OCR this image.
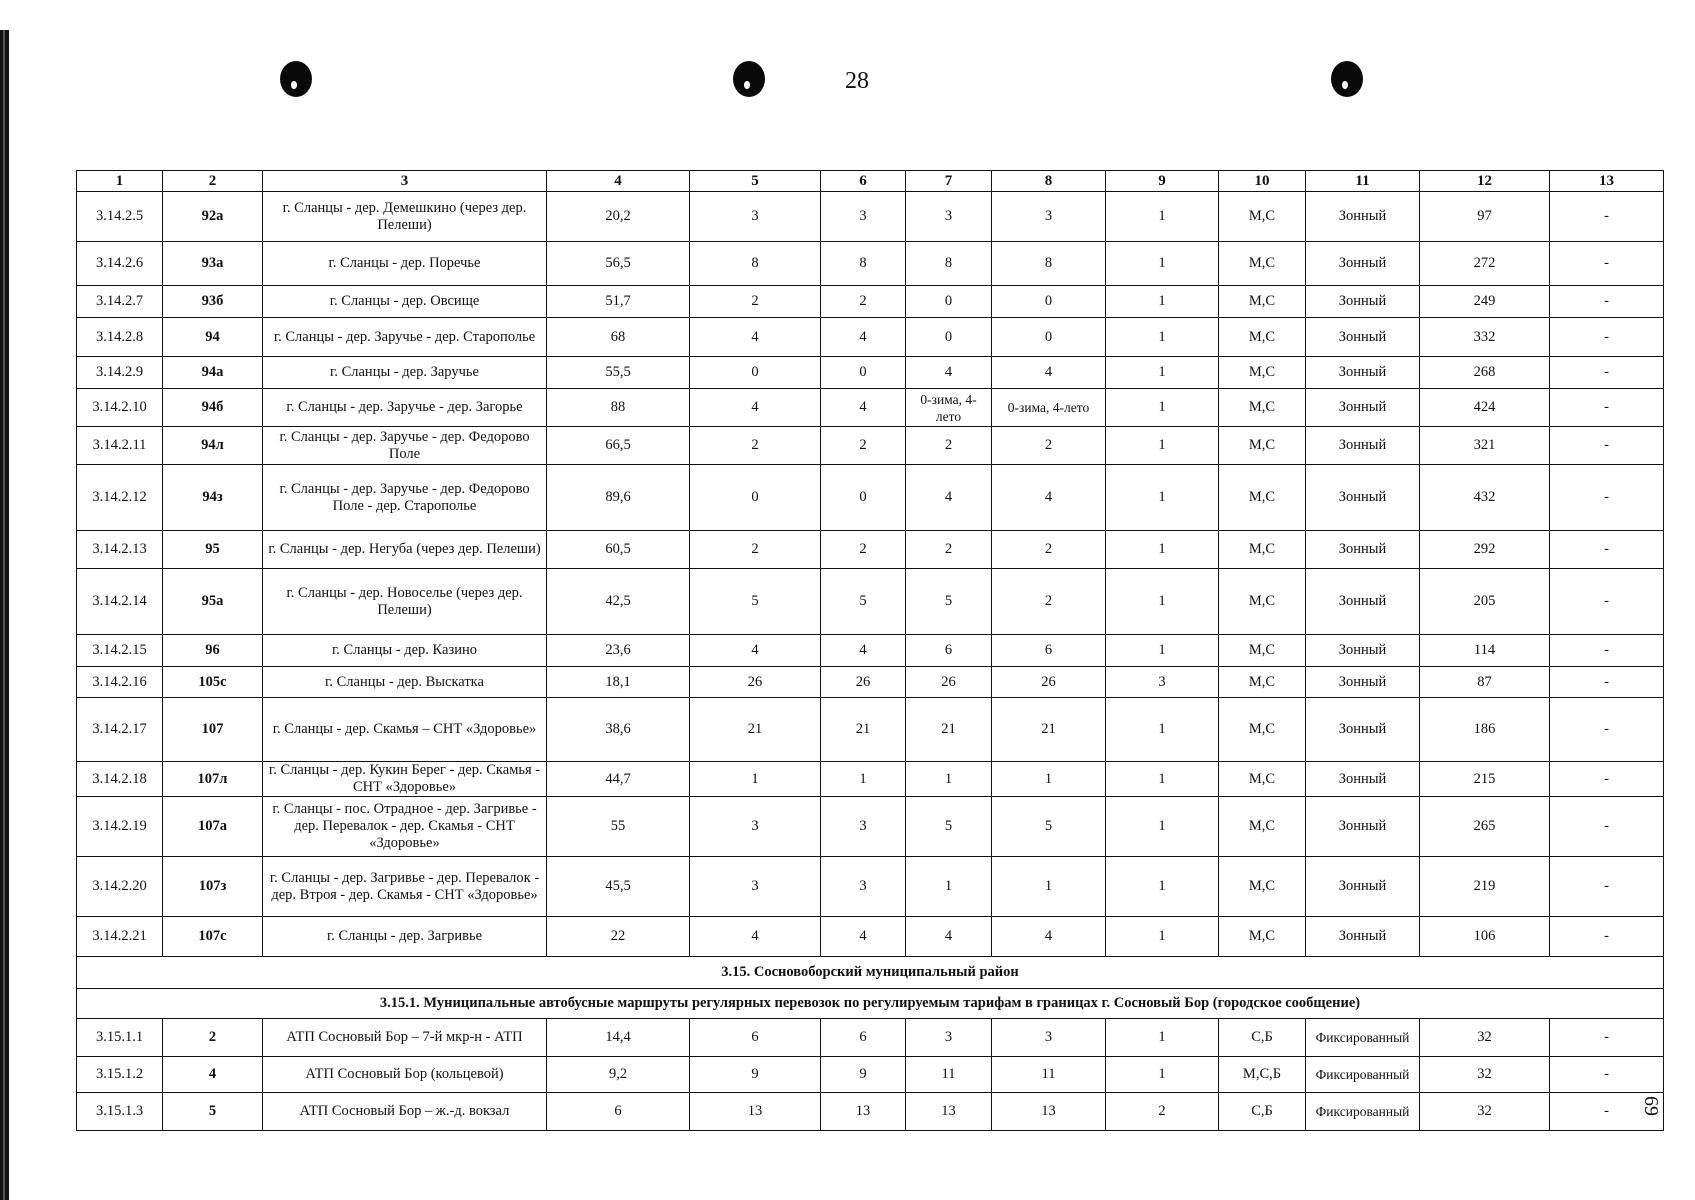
28
69
1	2	3	4	5	6	7	8	9	10	11	12	13
3.14.2.5	92а	г. Сланцы - дер. Демешкино (через дер. Пелеши)	20,2	3	3	3	3	1	М,С	Зонный	97	-
3.14.2.6	93а	г. Сланцы - дер. Поречье	56,5	8	8	8	8	1	М,С	Зонный	272	-
3.14.2.7	93б	г. Сланцы - дер. Овсище	51,7	2	2	0	0	1	М,С	Зонный	249	-
3.14.2.8	94	г. Сланцы - дер. Заручье - дер. Старополье	68	4	4	0	0	1	М,С	Зонный	332	-
3.14.2.9	94а	г. Сланцы - дер. Заручье	55,5	0	0	4	4	1	М,С	Зонный	268	-
3.14.2.10	94б	г. Сланцы - дер. Заручье - дер. Загорье	88	4	4	0-зима, 4-лето	0-зима, 4-лето	1	М,С	Зонный	424	-
3.14.2.11	94л	г. Сланцы - дер. Заручье - дер. Федорово Поле	66,5	2	2	2	2	1	М,С	Зонный	321	-
3.14.2.12	94з	г. Сланцы - дер. Заручье - дер. Федорово Поле - дер. Старополье	89,6	0	0	4	4	1	М,С	Зонный	432	-
3.14.2.13	95	г. Сланцы - дер. Негуба (через дер. Пелеши)	60,5	2	2	2	2	1	М,С	Зонный	292	-
3.14.2.14	95а	г. Сланцы - дер. Новоселье (через дер. Пелеши)	42,5	5	5	5	2	1	М,С	Зонный	205	-
3.14.2.15	96	г. Сланцы - дер. Казино	23,6	4	4	6	6	1	М,С	Зонный	114	-
3.14.2.16	105с	г. Сланцы - дер. Выскатка	18,1	26	26	26	26	3	М,С	Зонный	87	-
3.14.2.17	107	г. Сланцы - дер. Скамья – СНТ «Здоровье»	38,6	21	21	21	21	1	М,С	Зонный	186	-
3.14.2.18	107л	г. Сланцы - дер. Кукин Берег - дер. Скамья - СНТ «Здоровье»	44,7	1	1	1	1	1	М,С	Зонный	215	-
3.14.2.19	107а	г. Сланцы - пос. Отрадное - дер. Загривье - дер. Перевалок - дер. Скамья - СНТ «Здоровье»	55	3	3	5	5	1	М,С	Зонный	265	-
3.14.2.20	107з	г. Сланцы - дер. Загривье - дер. Перевалок - дер. Втроя - дер. Скамья - СНТ «Здоровье»	45,5	3	3	1	1	1	М,С	Зонный	219	-
3.14.2.21	107с	г. Сланцы - дер. Загривье	22	4	4	4	4	1	М,С	Зонный	106	-
3.15. Сосновоборский муниципальный район												
3.15.1. Муниципальные автобусные маршруты регулярных перевозок по регулируемым тарифам в границах г. Сосновый Бор (городское сообщение)												
3.15.1.1	2	АТП Сосновый Бор – 7-й мкр-н - АТП	14,4	6	6	3	3	1	С,Б	Фиксированный	32	-
3.15.1.2	4	АТП Сосновый Бор (кольцевой)	9,2	9	9	11	11	1	М,С,Б	Фиксированный	32	-
3.15.1.3	5	АТП Сосновый Бор – ж.-д. вокзал	6	13	13	13	13	2	С,Б	Фиксированный	32	-
